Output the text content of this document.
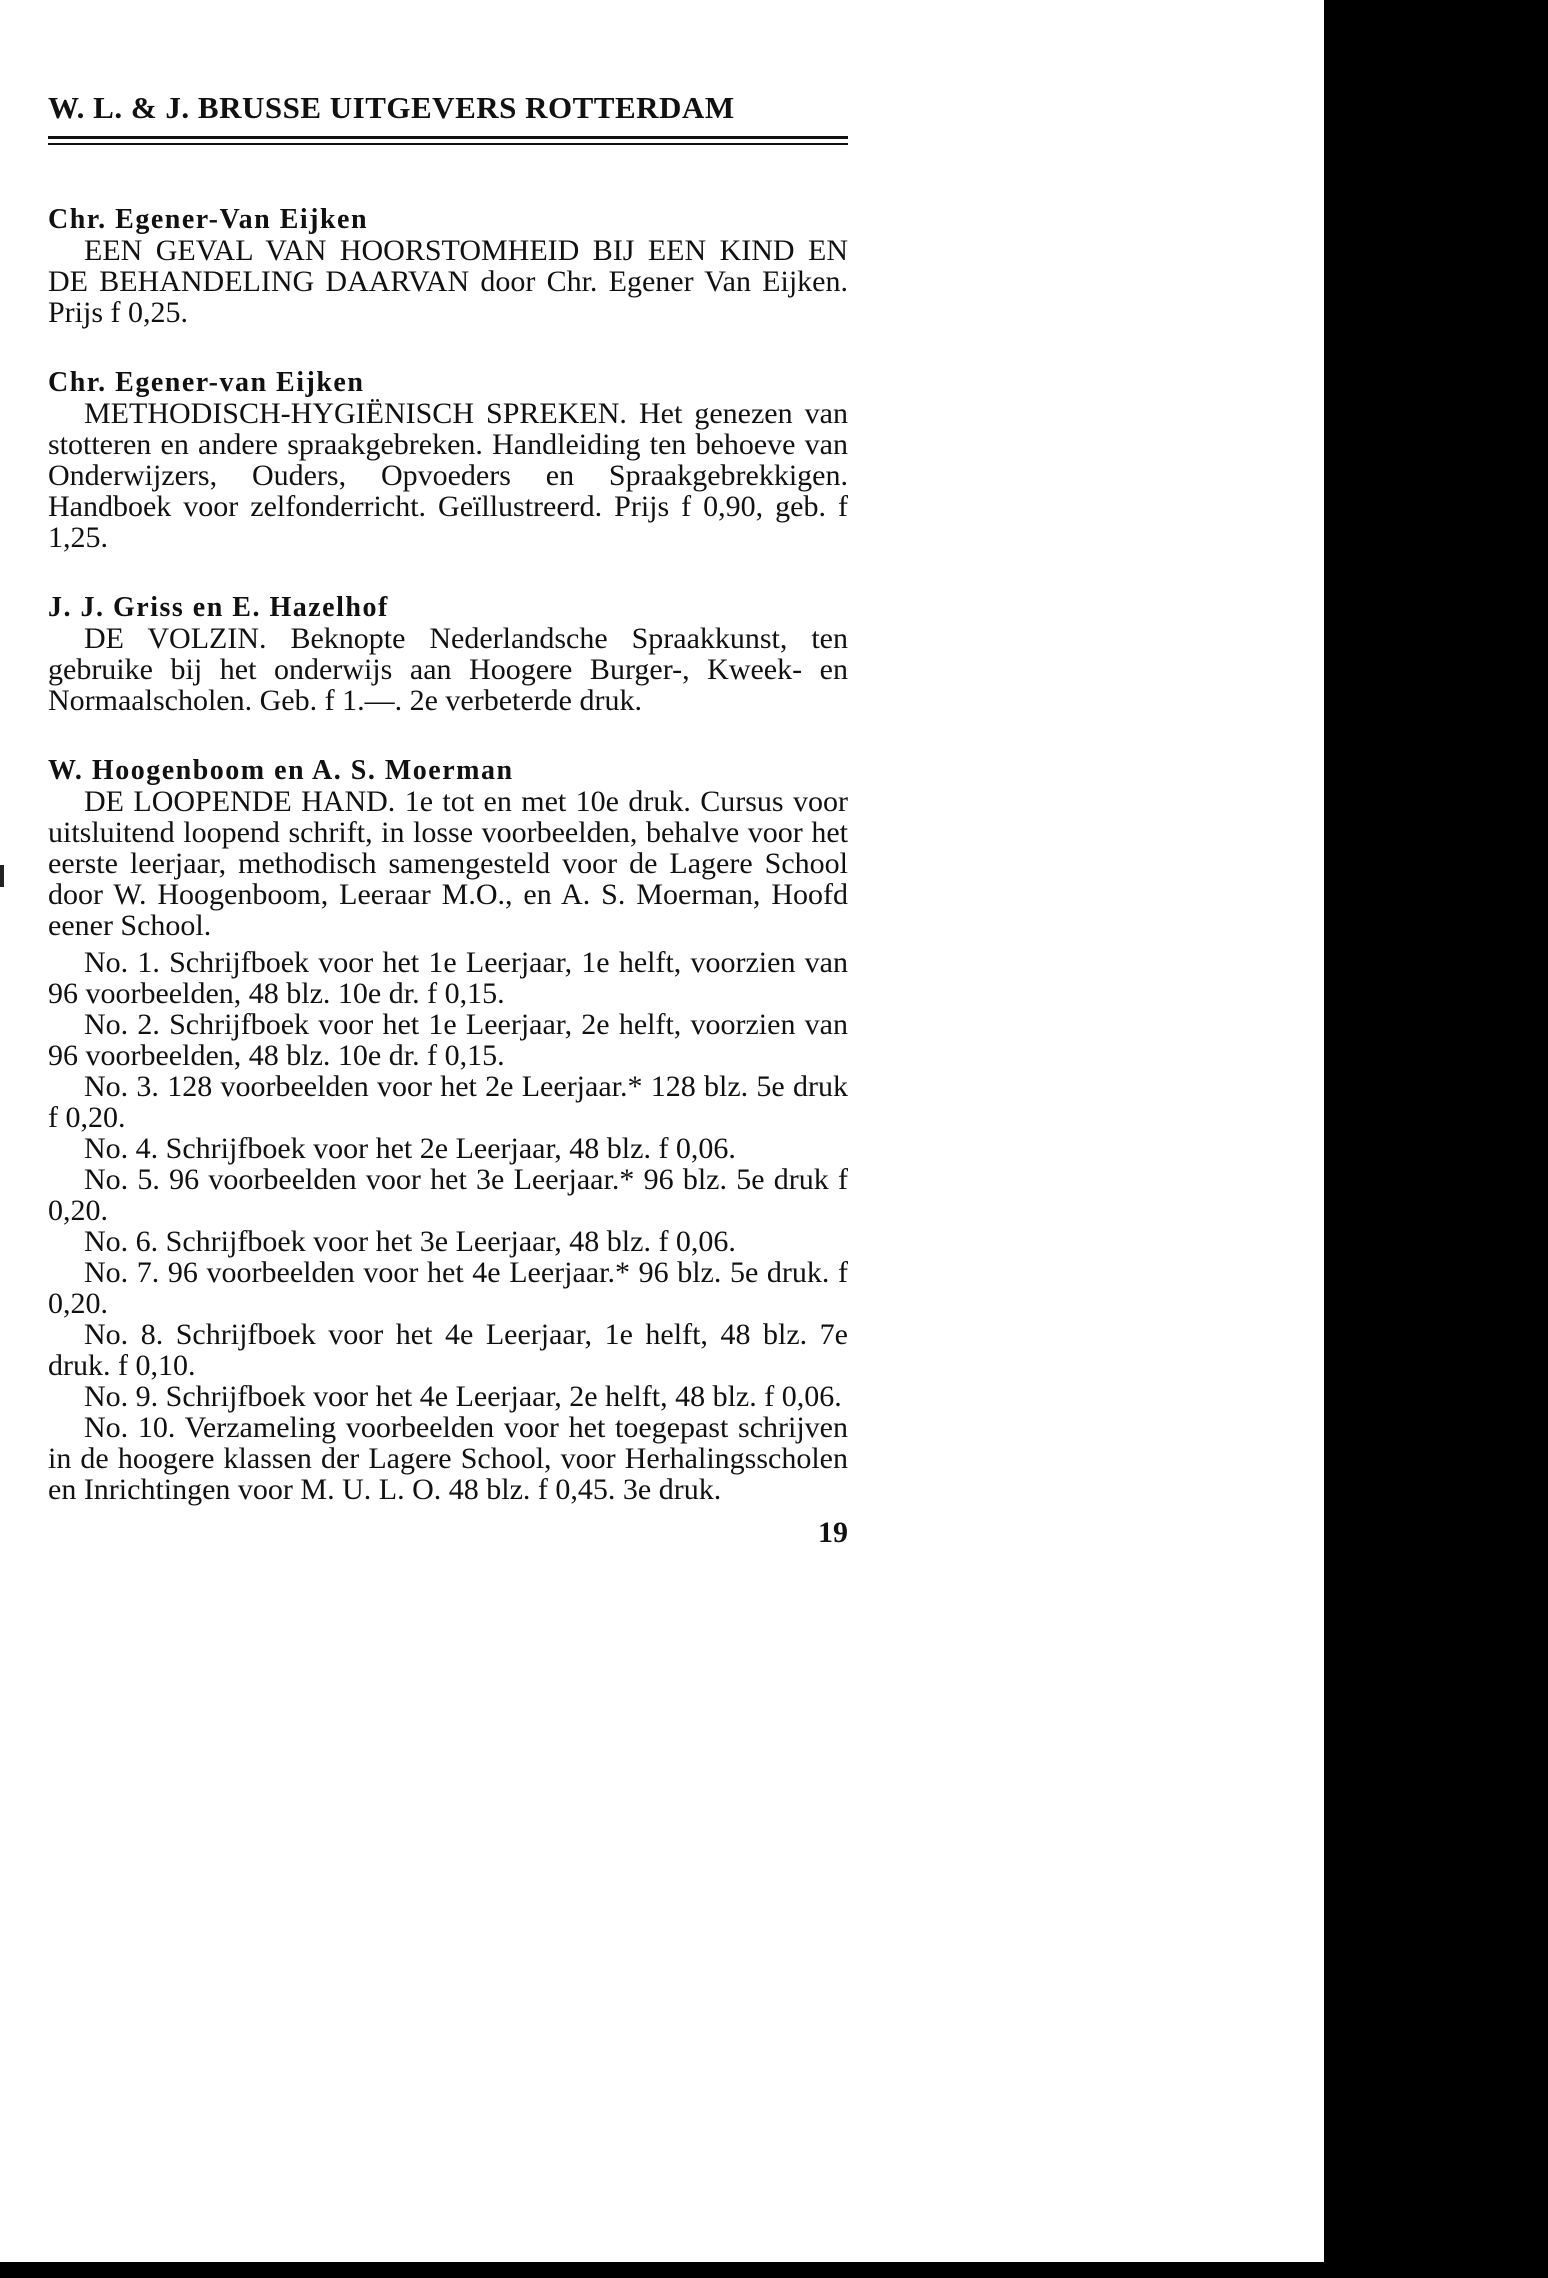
W. L. & J. BRUSSE UITGEVERS ROTTERDAM
Chr. Egener-Van Eijken

EEN GEVAL VAN HOORSTOMHEID BIJ EEN KIND EN DE BEHANDELING DAARVAN door Chr. Egener Van Eijken. Prijs f 0,25.

Chr. Egener-van Eijken

METHODISCH-HYGIËNISCH SPREKEN. Het genezen van stotteren en andere spraakgebreken. Handleiding ten behoeve van Onderwijzers, Ouders, Opvoeders en Spraakgebrekkigen. Handboek voor zelfonderricht. Geïllustreerd. Prijs f 0,90, geb. f 1,25.

J. J. Griss en E. Hazelhof

DE VOLZIN. Beknopte Nederlandsche Spraakkunst, ten gebruike bij het onderwijs aan Hoogere Burger-, Kweek- en Normaalscholen. Geb. f 1.—. 2e verbeterde druk.

W. Hoogenboom en A. S. Moerman

DE LOOPENDE HAND. 1e tot en met 10e druk. Cursus voor uitsluitend loopend schrift, in losse voorbeelden, behalve voor het eerste leerjaar, methodisch samengesteld voor de Lagere School door W. Hoogenboom, Leeraar M.O., en A. S. Moerman, Hoofd eener School.

No. 1. Schrijfboek voor het 1e Leerjaar, 1e helft, voorzien van 96 voorbeelden, 48 blz. 10e dr. f 0,15.

No. 2. Schrijfboek voor het 1e Leerjaar, 2e helft, voorzien van 96 voorbeelden, 48 blz. 10e dr. f 0,15.

No. 3. 128 voorbeelden voor het 2e Leerjaar.* 128 blz. 5e druk f 0,20.

No. 4. Schrijfboek voor het 2e Leerjaar, 48 blz. f 0,06.

No. 5. 96 voorbeelden voor het 3e Leerjaar.* 96 blz. 5e druk f 0,20.

No. 6. Schrijfboek voor het 3e Leerjaar, 48 blz. f 0,06.

No. 7. 96 voorbeelden voor het 4e Leerjaar.* 96 blz. 5e druk. f 0,20.

No. 8. Schrijfboek voor het 4e Leerjaar, 1e helft, 48 blz. 7e druk. f 0,10.

No. 9. Schrijfboek voor het 4e Leerjaar, 2e helft, 48 blz. f 0,06.

No. 10. Verzameling voorbeelden voor het toegepast schrijven in de hoogere klassen der Lagere School, voor Herhalingsscholen en Inrichtingen voor M. U. L. O. 48 blz. f 0,45. 3e druk.

19
